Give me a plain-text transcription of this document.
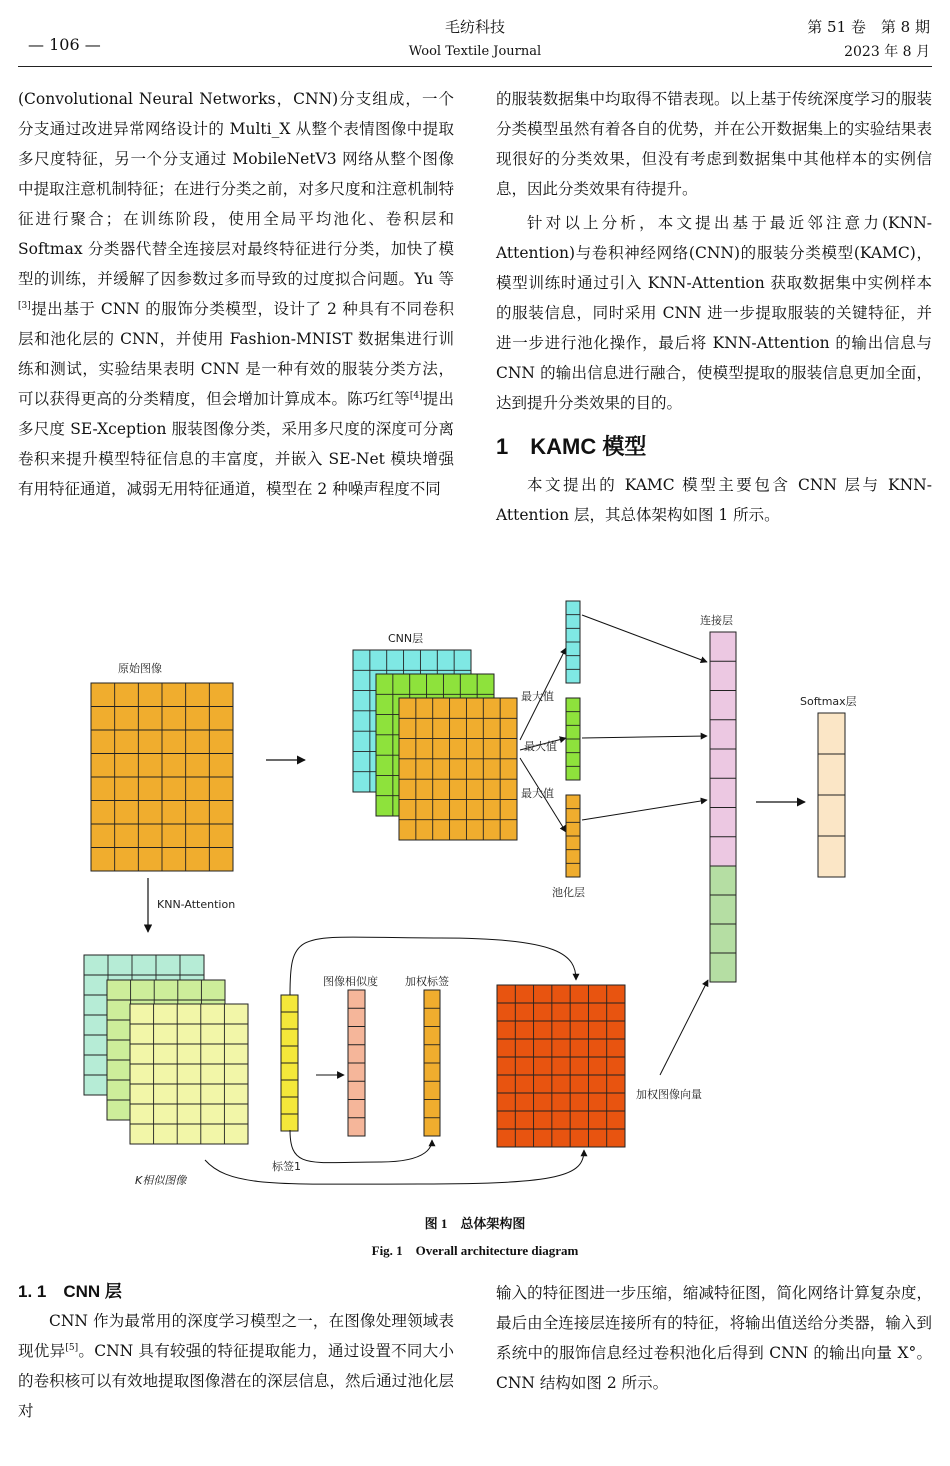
— 106 —
毛纺科技
Wool Textile Journal
第 51 卷　第 8 期
2023 年 8 月

(Convolutional Neural Networks，CNN)分支组成，一个分支通过改进异常网络设计的 Multi_X 从整个表情图像中提取多尺度特征，另一个分支通过 MobileNetV3 网络从整个图像中提取注意机制特征；在进行分类之前，对多尺度和注意机制特征进行聚合；在训练阶段，使用全局平均池化、卷积层和 Softmax 分类器代替全连接层对最终特征进行分类，加快了模型的训练，并缓解了因参数过多而导致的过度拟合问题。Yu 等[3]提出基于 CNN 的服饰分类模型，设计了 2 种具有不同卷积层和池化层的 CNN，并使用 Fashion-MNIST 数据集进行训练和测试，实验结果表明 CNN 是一种有效的服装分类方法，可以获得更高的分类精度，但会增加计算成本。陈巧红等[4]提出多尺度 SE-Xception 服装图像分类，采用多尺度的深度可分离卷积来提升模型特征信息的丰富度，并嵌入 SE-Net 模块增强有用特征通道，减弱无用特征通道，模型在 2 种噪声程度不同

的服装数据集中均取得不错表现。以上基于传统深度学习的服装分类模型虽然有着各自的优势，并在公开数据集上的实验结果表现很好的分类效果，但没有考虑到数据集中其他样本的实例信息，因此分类效果有待提升。

针对以上分析，本文提出基于最近邻注意力(KNN-Attention)与卷积神经网络(CNN)的服装分类模型(KAMC)，模型训练时通过引入 KNN-Attention 获取数据集中实例样本的服装信息，同时采用 CNN 进一步提取服装的关键特征，并进一步进行池化操作，最后将 KNN-Attention 的输出信息与 CNN 的输出信息进行融合，使模型提取的服装信息更加全面，达到提升分类效果的目的。

1　KAMC 模型

本文提出的 KAMC 模型主要包含 CNN 层与 KNN-Attention 层，其总体架构如图 1 所示。

原始图像
CNN层
最大值
最大值
最大值
池化层
连接层
Softmax层
KNN-Attention
K相似图像
标签1
图像相似度 加权标签
加权图像向量
图 1　总体架构图
Fig. 1　Overall architecture diagram
1. 1　CNN 层

CNN 作为最常用的深度学习模型之一，在图像处理领域表现优异[5]。CNN 具有较强的特征提取能力，通过设置不同大小的卷积核可以有效地提取图像潜在的深层信息，然后通过池化层对

输入的特征图进一步压缩，缩减特征图，简化网络计算复杂度，最后由全连接层连接所有的特征，将输出值送给分类器，输入到系统中的服饰信息经过卷积池化后得到 CNN 的输出向量 X°。CNN 结构如图 2 所示。
